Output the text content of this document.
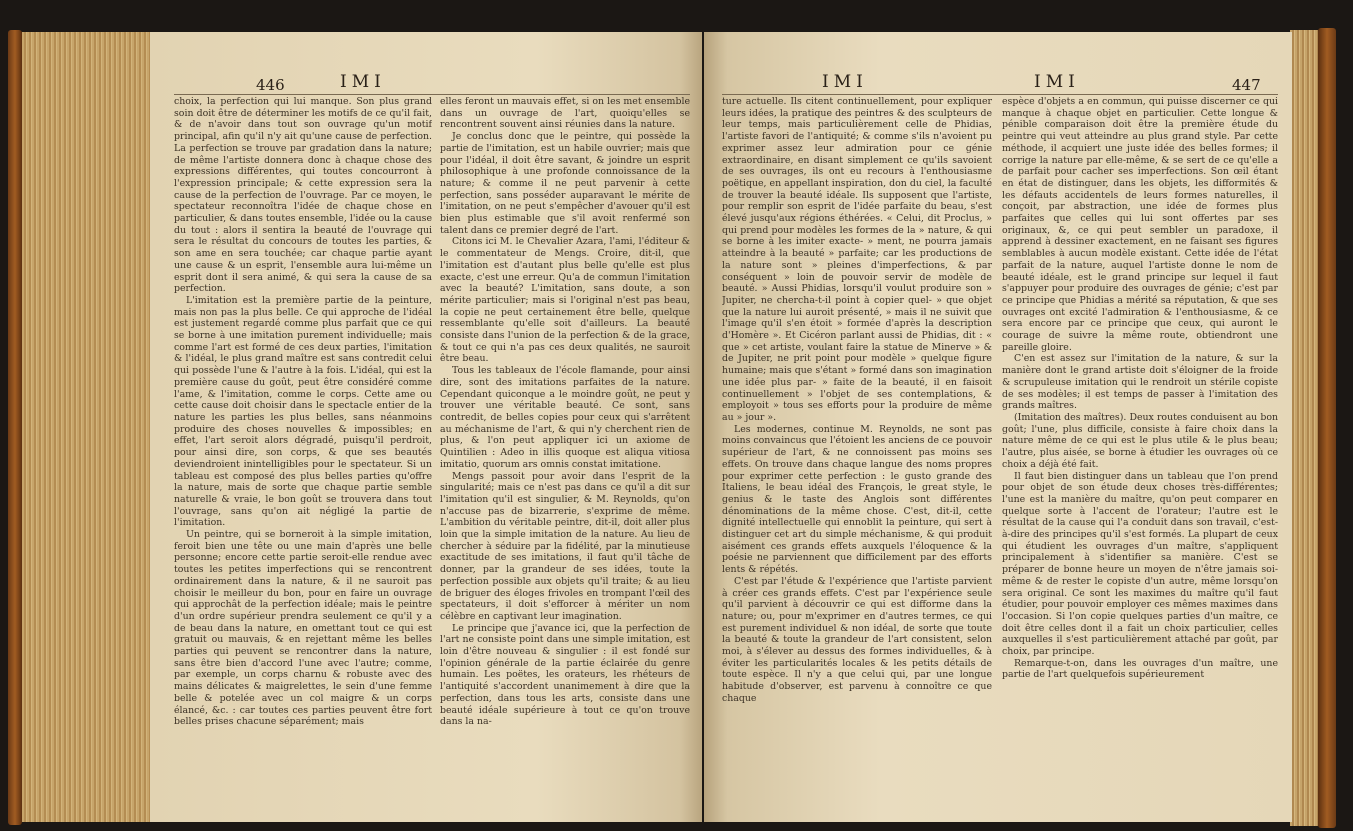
446	IMI

choix, la perfection qui lui manque. Son plus grand soin doit être de déterminer les motifs de ce qu'il fait, & de n'avoir dans tout son ouvrage qu'un motif principal, afin qu'il n'y ait qu'une cause de perfection. La perfection se trouve par gradation dans la nature; de même l'artiste donnera donc à chaque chose des expressions différentes, qui toutes concourront à l'expression principale; & cette expression sera la cause de la perfection de l'ouvrage. Par ce moyen, le spectateur reconnoîtra l'idée de chaque chose en particulier, & dans toutes ensemble, l'idée ou la cause du tout : alors il sentira la beauté de l'ouvrage qui sera le résultat du concours de toutes les parties, & son ame en sera touchée; car chaque partie ayant une cause & un esprit, l'ensemble aura lui-même un esprit dont il sera animé, & qui sera la cause de sa perfection.

L'imitation est la première partie de la peinture, mais non pas la plus belle. Ce qui approche de l'idéal est justement regardé comme plus parfait que ce qui se borne à une imitation purement individuelle; mais comme l'art est formé de ces deux parties, l'imitation & l'idéal, le plus grand maître est sans contredit celui qui possède l'une & l'autre à la fois. L'idéal, qui est la première cause du goût, peut être considéré comme l'ame, & l'imitation, comme le corps. Cette ame ou cette cause doit choisir dans le spectacle entier de la nature les parties les plus belles, sans néanmoins produire des choses nouvelles & impossibles; en effet, l'art seroit alors dégradé, puisqu'il perdroit, pour ainsi dire, son corps, & que ses beautés deviendroient inintelligibles pour le spectateur. Si un tableau est composé des plus belles parties qu'offre la nature, mais de sorte que chaque partie semble naturelle & vraie, le bon goût se trouvera dans tout l'ouvrage, sans qu'on ait négligé la partie de l'imitation.

Un peintre, qui se borneroit à la simple imitation, feroit bien une tête ou une main d'après une belle personne; encore cette partie seroit-elle rendue avec toutes les petites imperfections qui se rencontrent ordinairement dans la nature, & il ne sauroit pas choisir le meilleur du bon, pour en faire un ouvrage qui approchât de la perfection idéale; mais le peintre d'un ordre supérieur prendra seulement ce qu'il y a de beau dans la nature, en omettant tout ce qui est gratuit ou mauvais, & en rejettant même les belles parties qui peuvent se rencontrer dans la nature, sans être bien d'accord l'une avec l'autre; comme, par exemple, un corps charnu & robuste avec des mains délicates & maigrelettes, le sein d'une femme belle & potelée avec un col maigre & un corps élancé, &c. : car toutes ces parties peuvent être fort belles prises chacune séparément; mais

elles feront un mauvais effet, si on les met ensemble dans un ouvrage de l'art, quoiqu'elles se rencontrent souvent ainsi réunies dans la nature.

Je conclus donc que le peintre, qui possède la partie de l'imitation, est un habile ouvrier; mais que pour l'idéal, il doit être savant, & joindre un esprit philosophique à une profonde connoissance de la nature; & comme il ne peut parvenir à cette perfection, sans posséder auparavant le mérite de l'imitation, on ne peut s'empêcher d'avouer qu'il est bien plus estimable que s'il avoit renfermé son talent dans ce premier degré de l'art.

Citons ici M. le Chevalier Azara, l'ami, l'éditeur & le commentateur de Mengs. Croire, dit-il, que l'imitation est d'autant plus belle qu'elle est plus exacte, c'est une erreur. Qu'a de commun l'imitation avec la beauté? L'imitation, sans doute, a son mérite particulier; mais si l'original n'est pas beau, la copie ne peut certainement être belle, quelque ressemblante qu'elle soit d'ailleurs. La beauté consiste dans l'union de la perfection & de la grace, & tout ce qui n'a pas ces deux qualités, ne sauroit être beau.

Tous les tableaux de l'école flamande, pour ainsi dire, sont des imitations parfaites de la nature. Cependant quiconque a le moindre goût, ne peut y trouver une véritable beauté. Ce sont, sans contredit, de belles copies pour ceux qui s'arrêtent au méchanisme de l'art, & qui n'y cherchent rien de plus, & l'on peut appliquer ici un axiome de Quintilien : Adeo in illis quoque est aliqua vitiosa imitatio, quorum ars omnis constat imitatione.

Mengs passoit pour avoir dans l'esprit de la singularité; mais ce n'est pas dans ce qu'il a dit sur l'imitation qu'il est singulier, & M. Reynolds, qu'on n'accuse pas de bizarrerie, s'exprime de même. L'ambition du véritable peintre, dit-il, doit aller plus loin que la simple imitation de la nature. Au lieu de chercher à séduire par la fidélité, par la minutieuse exactitude de ses imitations, il faut qu'il tâche de donner, par la grandeur de ses idées, toute la perfection possible aux objets qu'il traite; & au lieu de briguer des éloges frivoles en trompant l'œil des spectateurs, il doit s'efforcer à mériter un nom célèbre en captivant leur imagination.

Le principe que j'avance ici, que la perfection de l'art ne consiste point dans une simple imitation, est loin d'être nouveau & singulier : il est fondé sur l'opinion générale de la partie éclairée du genre humain. Les poëtes, les orateurs, les rhéteurs de l'antiquité s'accordent unanimement à dire que la perfection, dans tous les arts, consiste dans une beauté idéale supérieure à tout ce qu'on trouve dans la na-

IMI	IMI	447

ture actuelle. Ils citent continuellement, pour expliquer leurs idées, la pratique des peintres & des sculpteurs de leur temps, mais particulièrement celle de Phidias, l'artiste favori de l'antiquité; & comme s'ils n'avoient pu exprimer assez leur admiration pour ce génie extraordinaire, en disant simplement ce qu'ils savoient de ses ouvrages, ils ont eu recours à l'enthousiasme poëtique, en appellant inspiration, don du ciel, la faculté de trouver la beauté idéale. Ils supposent que l'artiste, pour remplir son esprit de l'idée parfaite du beau, s'est élevé jusqu'aux régions éthérées. « Celui, dit Proclus, » qui prend pour modèles les formes de la » nature, & qui se borne à les imiter exacte- » ment, ne pourra jamais atteindre à la beauté » parfaite; car les productions de la nature sont » pleines d'imperfections, & par conséquent » loin de pouvoir servir de modèle de beauté. » Aussi Phidias, lorsqu'il voulut produire son » Jupiter, ne chercha-t-il point à copier quel- » que objet que la nature lui auroit présenté, » mais il ne suivit que l'image qu'il s'en étoit » formée d'après la description d'Homère ». Et Cicéron parlant aussi de Phidias, dit : « que » cet artiste, voulant faire la statue de Minerve » & de Jupiter, ne prit point pour modèle » quelque figure humaine; mais que s'étant » formé dans son imagination une idée plus par- » faite de la beauté, il en faisoit continuellement » l'objet de ses contemplations, & employoit » tous ses efforts pour la produire de même au » jour ».

Les modernes, continue M. Reynolds, ne sont pas moins convaincus que l'étoient les anciens de ce pouvoir supérieur de l'art, & ne connoissent pas moins ses effets. On trouve dans chaque langue des noms propres pour exprimer cette perfection : le gusto grande des Italiens, le beau idéal des François, le great style, le genius & le taste des Anglois sont différentes dénominations de la même chose. C'est, dit-il, cette dignité intellectuelle qui ennoblit la peinture, qui sert à distinguer cet art du simple méchanisme, & qui produit aisément ces grands effets auxquels l'éloquence & la poésie ne parviennent que difficilement par des efforts lents & répétés.

C'est par l'étude & l'expérience que l'artiste parvient à créer ces grands effets. C'est par l'expérience seule qu'il parvient à découvrir ce qui est difforme dans la nature; ou, pour m'exprimer en d'autres termes, ce qui est purement individuel & non idéal, de sorte que toute la beauté & toute la grandeur de l'art consistent, selon moi, à s'élever au dessus des formes individuelles, & à éviter les particularités locales & les petits détails de toute espèce. Il n'y a que celui qui, par une longue habitude d'observer, est parvenu à connoître ce que chaque

espèce d'objets a en commun, qui puisse discerner ce qui manque à chaque objet en particulier. Cette longue & pénible comparaison doit être la première étude du peintre qui veut atteindre au plus grand style. Par cette méthode, il acquiert une juste idée des belles formes; il corrige la nature par elle-même, & se sert de ce qu'elle a de parfait pour cacher ses imperfections. Son œil étant en état de distinguer, dans les objets, les difformités & les défauts accidentels de leurs formes naturelles, il conçoit, par abstraction, une idée de formes plus parfaites que celles qui lui sont offertes par ses originaux, &, ce qui peut sembler un paradoxe, il apprend à dessiner exactement, en ne faisant ses figures semblables à aucun modèle existant. Cette idée de l'état parfait de la nature, auquel l'artiste donne le nom de beauté idéale, est le grand principe sur lequel il faut s'appuyer pour produire des ouvrages de génie; c'est par ce principe que Phidias a mérité sa réputation, & que ses ouvrages ont excité l'admiration & l'enthousiasme, & ce sera encore par ce principe que ceux, qui auront le courage de suivre la même route, obtiendront une pareille gloire.

C'en est assez sur l'imitation de la nature, & sur la manière dont le grand artiste doit s'éloigner de la froide & scrupuleuse imitation qui le rendroit un stérile copiste de ses modèles; il est temps de passer à l'imitation des grands maîtres.

(Imitation des maîtres). Deux routes conduisent au bon goût; l'une, plus difficile, consiste à faire choix dans la nature même de ce qui est le plus utile & le plus beau; l'autre, plus aisée, se borne à étudier les ouvrages où ce choix a déjà été fait.

Il faut bien distinguer dans un tableau que l'on prend pour objet de son étude deux choses très-différentes; l'une est la manière du maître, qu'on peut comparer en quelque sorte à l'accent de l'orateur; l'autre est le résultat de la cause qui l'a conduit dans son travail, c'est-à-dire des principes qu'il s'est formés. La plupart de ceux qui étudient les ouvrages d'un maître, s'appliquent principalement à s'identifier sa manière. C'est se préparer de bonne heure un moyen de n'être jamais soi-même & de rester le copiste d'un autre, même lorsqu'on sera original. Ce sont les maximes du maître qu'il faut étudier, pour pouvoir employer ces mêmes maximes dans l'occasion. Si l'on copie quelques parties d'un maître, ce doit être celles dont il a fait un choix particulier, celles auxquelles il s'est particulièrement attaché par goût, par choix, par principe.

Remarque-t-on, dans les ouvrages d'un maître, une partie de l'art quelquefois supérieurement
